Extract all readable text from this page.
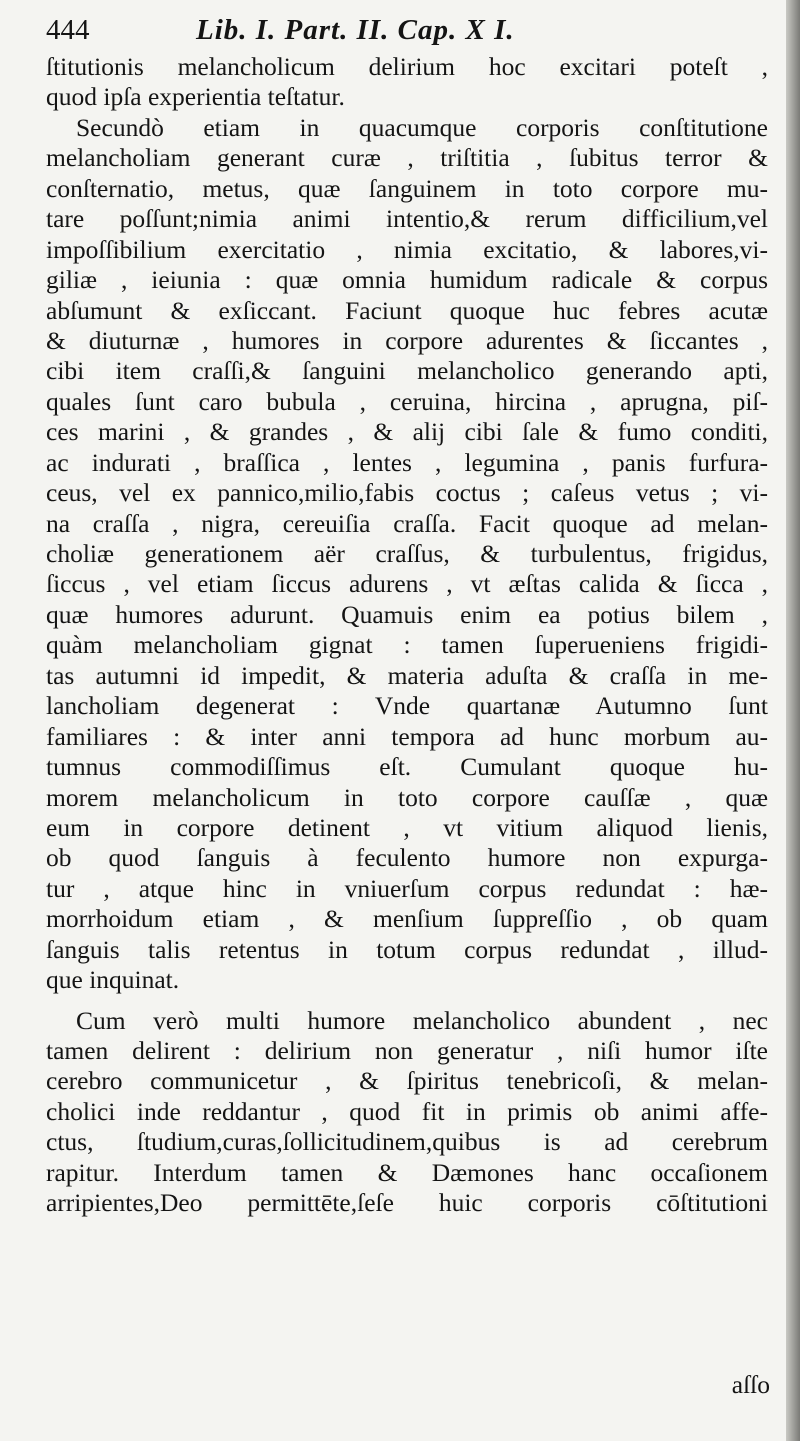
444	Lib. I. Part. II. Cap. X I.
ſtitutionis melancholicum delirium hoc excitari poteſt ,
quod ipſa experientia teſtatur.
Secundò etiam in quacumque corporis conſtitutione
melancholiam generant curæ , triſtitia , ſubitus terror &
conſternatio, metus, quæ ſanguinem in toto corpore mu-
tare poſſunt;nimia animi intentio,& rerum difficilium,vel
impoſſibilium exercitatio , nimia excitatio, & labores,vi-
giliæ , ieiunia : quæ omnia humidum radicale & corpus
abſumunt & exſiccant. Faciunt quoque huc febres acutæ
& diuturnæ , humores in corpore adurentes & ſiccantes ,
cibi item craſſi,& ſanguini melancholico generando apti,
quales ſunt caro bubula , ceruina, hircina , aprugna, piſ-
ces marini , & grandes , & alij cibi ſale & fumo conditi,
ac indurati , braſſica , lentes , legumina , panis furfura-
ceus, vel ex pannico,milio,fabis coctus ; caſeus vetus ; vi-
na craſſa , nigra, cereuiſia craſſa. Facit quoque ad melan-
choliæ generationem aër craſſus, & turbulentus, frigidus,
ſiccus , vel etiam ſiccus adurens , vt æſtas calida & ſicca ,
quæ humores adurunt. Quamuis enim ea potius bilem ,
quàm melancholiam gignat : tamen ſuperueniens frigidi-
tas autumni id impedit, & materia aduſta & craſſa in me-
lancholiam degenerat : Vnde quartanæ Autumno ſunt
familiares : & inter anni tempora ad hunc morbum au-
tumnus commodiſſimus eſt. Cumulant quoque hu-
morem melancholicum in toto corpore cauſſæ , quæ
eum in corpore detinent , vt vitium aliquod lienis,
ob quod ſanguis à feculento humore non expurga-
tur , atque hinc in vniuerſum corpus redundat : hæ-
morrhoidum etiam , & menſium ſuppreſſio , ob quam
ſanguis talis retentus in totum corpus redundat , illud-
que inquinat.
Cum verò multi humore melancholico abundent , nec
tamen delirent : delirium non generatur , niſi humor iſte
cerebro communicetur , & ſpiritus tenebricoſi, & melan-
cholici inde reddantur , quod fit in primis ob animi affe-
ctus, ſtudium,curas,ſollicitudinem,quibus is ad cerebrum
rapitur. Interdum tamen & Dæmones hanc occaſionem
arripientes,Deo permittēte,ſeſe huic corporis cōſtitutioni
aſſo
